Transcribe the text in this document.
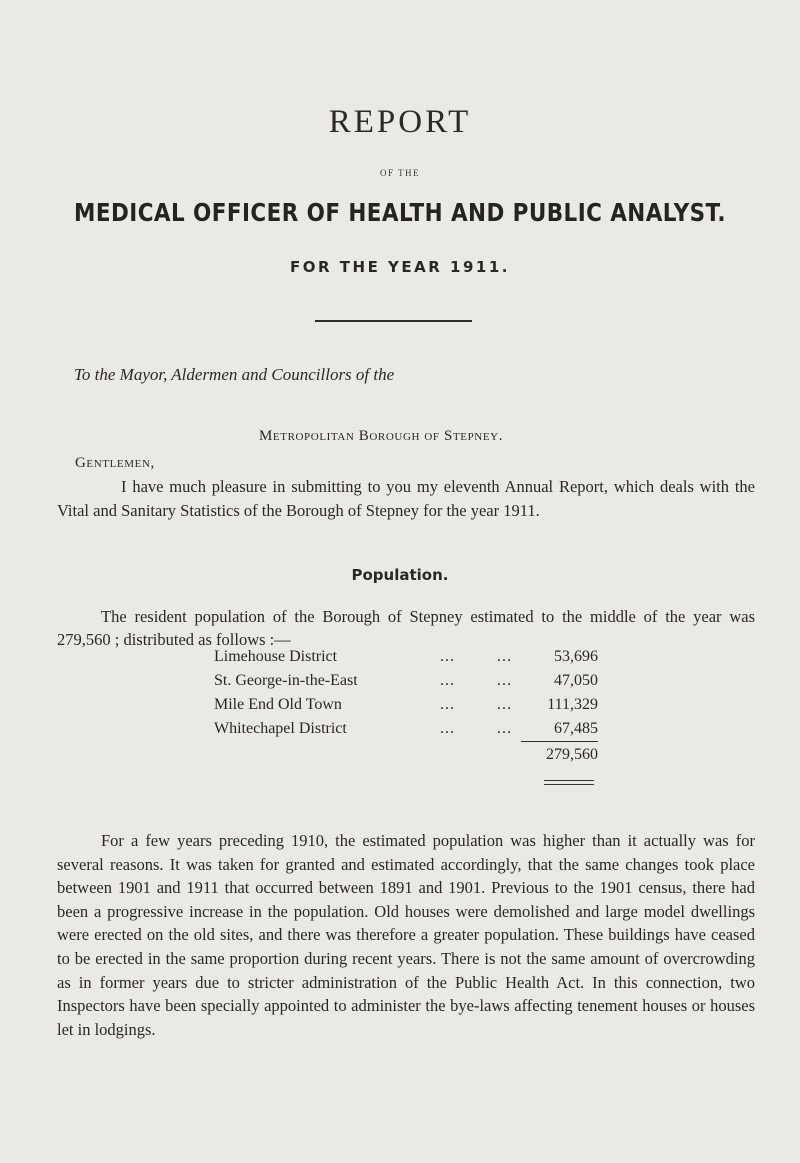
REPORT
OF THE
MEDICAL OFFICER OF HEALTH AND PUBLIC ANALYST.
FOR THE YEAR 1911.
To the Mayor, Aldermen and Councillors of the
Metropolitan Borough of Stepney.
Gentlemen,
I have much pleasure in submitting to you my eleventh Annual Report, which deals with the Vital and Sanitary Statistics of the Borough of Stepney for the year 1911.
Population.
The resident population of the Borough of Stepney estimated to the middle of the year was 279,560 ; distributed as follows :—
Limehouse District	...	...	53,696
St. George-in-the-East	...	...	47,050
Mile End Old Town	...	... 111,329
Whitechapel District	...	...	67,485
279,560
For a few years preceding 1910, the estimated population was higher than it actually was for several reasons. It was taken for granted and estimated accordingly, that the same changes took place between 1901 and 1911 that occurred between 1891 and 1901. Previous to the 1901 census, there had been a progressive increase in the population. Old houses were demolished and large model dwellings were erected on the old sites, and there was therefore a greater population. These buildings have ceased to be erected in the same proportion during recent years. There is not the same amount of overcrowding as in former years due to stricter administration of the Public Health Act. In this connection, two Inspectors have been specially appointed to administer the bye-laws affecting tenement houses or houses let in lodgings.
